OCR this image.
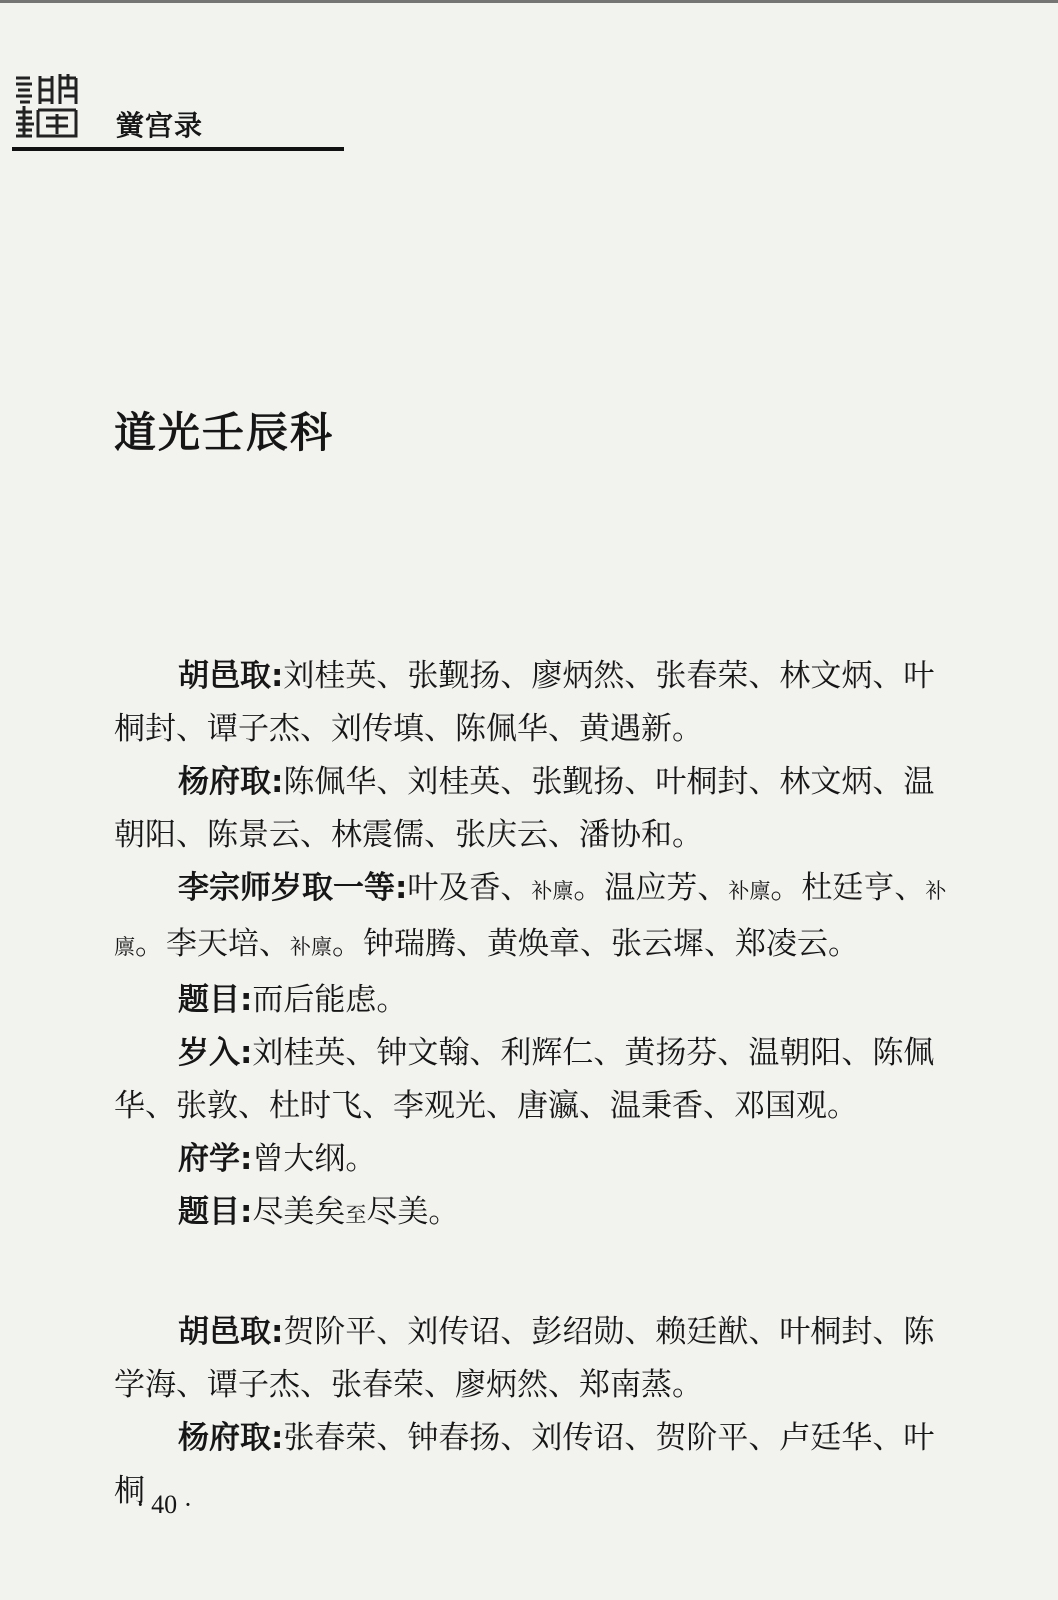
黉宫录
道光壬辰科

胡邑取:刘桂英、张觐扬、廖炳然、张春荣、林文炳、叶桐封、谭子杰、刘传填、陈佩华、黄遇新。

杨府取:陈佩华、刘桂英、张觐扬、叶桐封、林文炳、温朝阳、陈景云、林震儒、张庆云、潘协和。

李宗师岁取一等:叶及香、补廪。温应芳、补廪。杜廷亨、补廪。李天培、补廪。钟瑞腾、黄焕章、张云墀、郑凌云。

题目:而后能虑。

岁入:刘桂英、钟文翰、利辉仁、黄扬芬、温朝阳、陈佩华、张敦、杜时飞、李观光、唐瀛、温秉香、邓国观。

府学:曾大纲。

题目:尽美矣至尽美。

胡邑取:贺阶平、刘传诏、彭绍勋、赖廷猷、叶桐封、陈学海、谭子杰、张春荣、廖炳然、郑南蒸。

杨府取:张春荣、钟春扬、刘传诏、贺阶平、卢廷华、叶桐

· 40 ·
